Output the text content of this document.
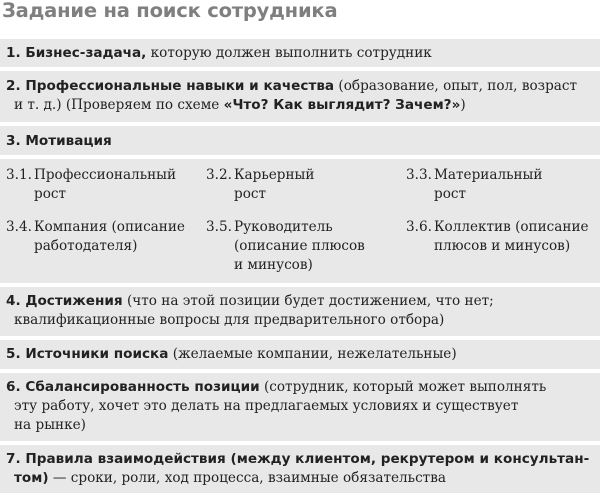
Задание на поиск сотрудника
1. Бизнес-задача, которую должен выполнить сотрудник
2. Профессиональные навыки и качества (образование, опыт, пол, возраст
и т. д.) (Проверяем по схеме «Что? Как выглядит? Зачем?»)
3. Мотивация
3.1. Профессиональный
рост
3.2. Карьерный
рост
3.3. Материальный
рост
3.4. Компания (описание
работодателя)
3.5. Руководитель
(описание плюсов
и минусов)
3.6. Коллектив (описание
плюсов и минусов)
4. Достижения (что на этой позиции будет достижением, что нет;
квалификационные вопросы для предварительного отбора)
5. Источники поиска (желаемые компании, нежелательные)
6. Сбалансированность позиции (сотрудник, который может выполнять
эту работу, хочет это делать на предлагаемых условиях и существует
на рынке)
7. Правила взаимодействия (между клиентом, рекрутером и консультан-
том) — сроки, роли, ход процесса, взаимные обязательства
